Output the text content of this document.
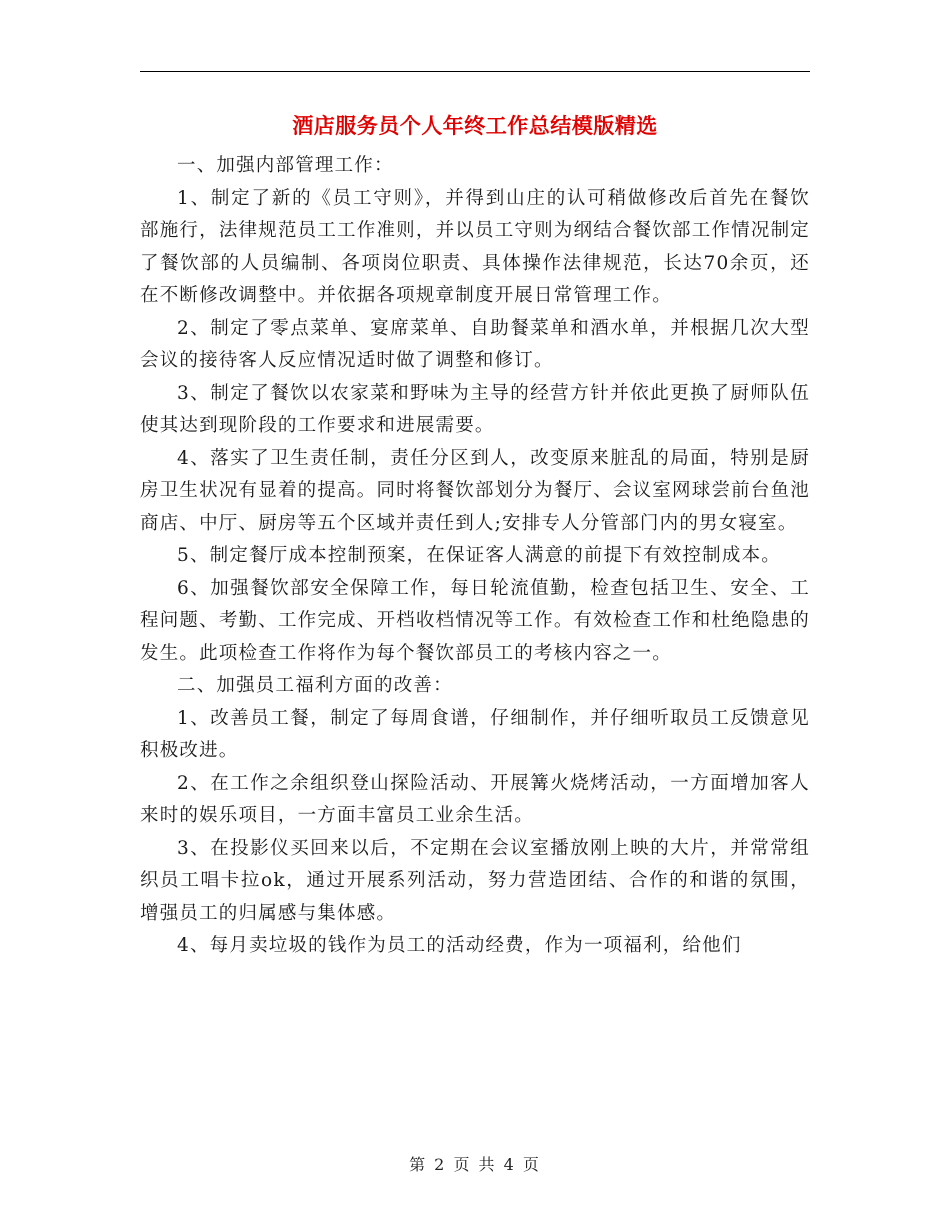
酒店服务员个人年终工作总结模版精选

一、加强内部管理工作：

1、制定了新的《员工守则》，并得到山庄的认可稍做修改后首先在餐饮部施行，法律规范员工工作准则，并以员工守则为纲结合餐饮部工作情况制定了餐饮部的人员编制、各项岗位职责、具体操作法律规范，长达70余页，还在不断修改调整中。并依据各项规章制度开展日常管理工作。

2、制定了零点菜单、宴席菜单、自助餐菜单和酒水单，并根据几次大型会议的接待客人反应情况适时做了调整和修订。

3、制定了餐饮以农家菜和野味为主导的经营方针并依此更换了厨师队伍使其达到现阶段的工作要求和进展需要。

4、落实了卫生责任制，责任分区到人，改变原来脏乱的局面，特别是厨房卫生状况有显着的提高。同时将餐饮部划分为餐厅、会议室网球尝前台鱼池商店、中厅、厨房等五个区域并责任到人;安排专人分管部门内的男女寝室。

5、制定餐厅成本控制预案，在保证客人满意的前提下有效控制成本。

6、加强餐饮部安全保障工作，每日轮流值勤，检查包括卫生、安全、工程问题、考勤、工作完成、开档收档情况等工作。有效检查工作和杜绝隐患的发生。此项检查工作将作为每个餐饮部员工的考核内容之一。

二、加强员工福利方面的改善：

1、改善员工餐，制定了每周食谱，仔细制作，并仔细听取员工反馈意见积极改进。

2、在工作之余组织登山探险活动、开展篝火烧烤活动，一方面增加客人来时的娱乐项目，一方面丰富员工业余生活。

3、在投影仪买回来以后，不定期在会议室播放刚上映的大片，并常常组织员工唱卡拉ok，通过开展系列活动，努力营造团结、合作的和谐的氛围，增强员工的归属感与集体感。

4、每月卖垃圾的钱作为员工的活动经费，作为一项福利，给他们

第 2 页 共 4 页
